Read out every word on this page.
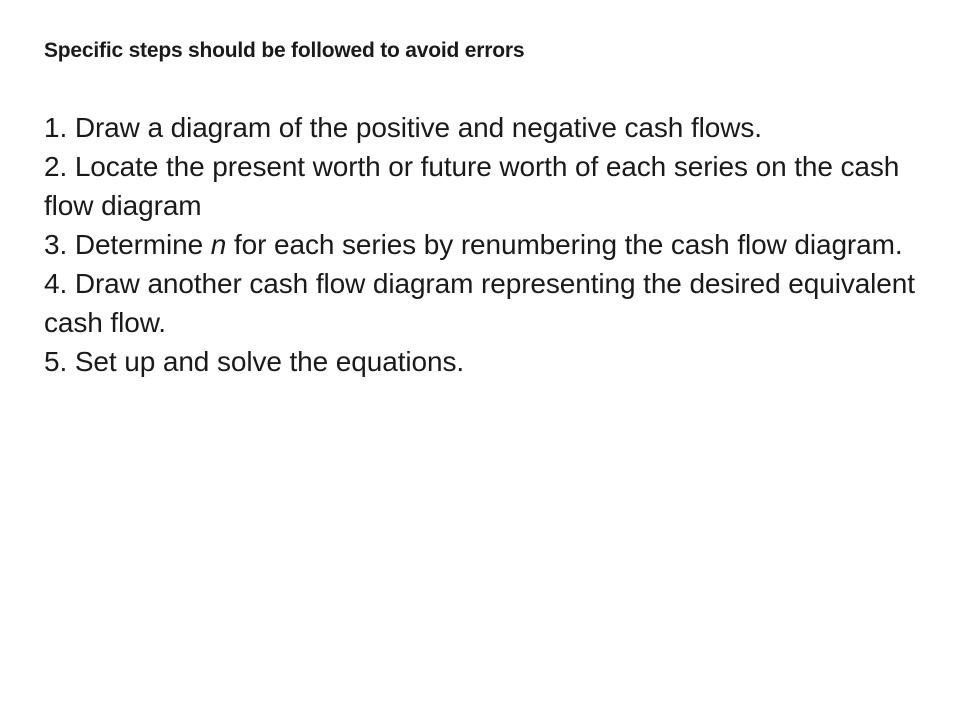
Specific steps should be followed to avoid errors
1. Draw a diagram of the positive and negative cash flows.
2. Locate the present worth or future worth of each series on the cash flow diagram
3. Determine n for each series by renumbering the cash flow diagram.
4. Draw another cash flow diagram representing the desired equivalent cash flow.
5. Set up and solve the equations.
